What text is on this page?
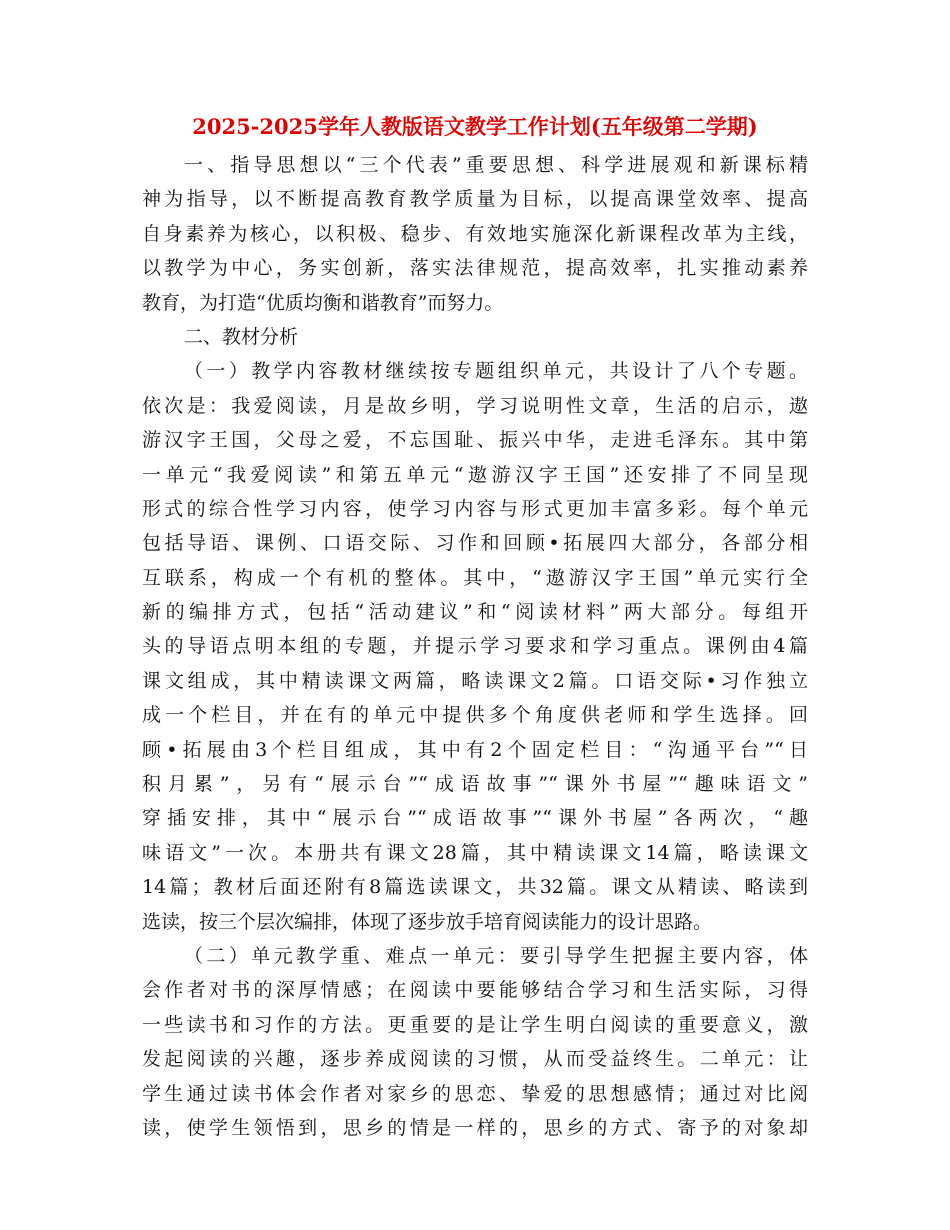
2025-2025学年人教版语文教学工作计划(五年级第二学期)
一、指导思想以“三个代表”重要思想、科学进展观和新课标精
神为指导，以不断提高教育教学质量为目标，以提高课堂效率、提高
自身素养为核心，以积极、稳步、有效地实施深化新课程改革为主线，
以教学为中心，务实创新，落实法律规范，提高效率，扎实推动素养
教育，为打造“优质均衡和谐教育”而努力。
二、教材分析
（一）教学内容教材继续按专题组织单元，共设计了八个专题。
依次是：我爱阅读，月是故乡明，学习说明性文章，生活的启示，遨
游汉字王国，父母之爱，不忘国耻、振兴中华，走进毛泽东。其中第
一单元“我爱阅读”和第五单元“遨游汉字王国”还安排了不同呈现
形式的综合性学习内容，使学习内容与形式更加丰富多彩。每个单元
包括导语、课例、口语交际、习作和回顾•拓展四大部分，各部分相
互联系，构成一个有机的整体。其中，“遨游汉字王国”单元实行全
新的编排方式，包括“活动建议”和“阅读材料”两大部分。每组开
头的导语点明本组的专题，并提示学习要求和学习重点。课例由4篇
课文组成，其中精读课文两篇，略读课文2篇。口语交际•习作独立
成一个栏目，并在有的单元中提供多个角度供老师和学生选择。回
顾•拓展由3个栏目组成，其中有2个固定栏目：“沟通平台”“日
积月累”，另有“展示台”“成语故事”“课外书屋”“趣味语文”
穿插安排，其中“展示台”“成语故事”“课外书屋”各两次，“趣
味语文”一次。本册共有课文28篇，其中精读课文14篇，略读课文
14篇；教材后面还附有8篇选读课文，共32篇。课文从精读、略读到
选读，按三个层次编排，体现了逐步放手培育阅读能力的设计思路。
（二）单元教学重、难点一单元：要引导学生把握主要内容，体
会作者对书的深厚情感；在阅读中要能够结合学习和生活实际，习得
一些读书和习作的方法。更重要的是让学生明白阅读的重要意义，激
发起阅读的兴趣，逐步养成阅读的习惯，从而受益终生。二单元：让
学生通过读书体会作者对家乡的思恋、挚爱的思想感情；通过对比阅
读，使学生领悟到，思乡的情是一样的，思乡的方式、寄予的对象却
